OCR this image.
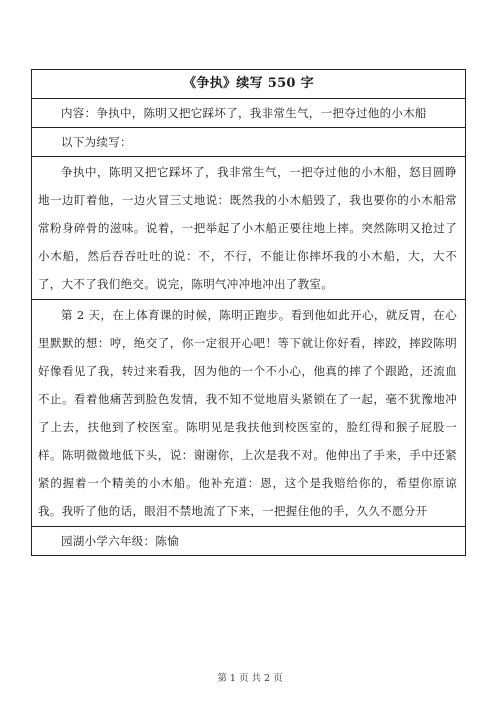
《争执》续写 550 字
内容：争执中，陈明又把它踩坏了，我非常生气，一把夺过他的小木船
以下为续写：
争执中，陈明又把它踩坏了，我非常生气，一把夺过他的小木船，怒目圆睁地一边盯着他，一边火冒三丈地说：既然我的小木船毁了，我也要你的小木船常常粉身碎骨的滋味。说着，一把举起了小木船正要往地上摔。突然陈明又抢过了小木船，然后吞吞吐吐的说：不，不行，不能让你摔坏我的小木船，大，大不了，大不了我们绝交。说完，陈明气冲冲地冲出了教室。
第 2 天，在上体育课的时候，陈明正跑步。看到他如此开心，就反胃，在心里默默的想：哼，绝交了，你一定很开心吧！等下就让你好看，摔跤，摔跤陈明好像看见了我，转过来看我，因为他的一个不小心，他真的摔了个跟跄，还流血不止。看着他痛苦到脸色发情，我不知不觉地眉头紧锁在了一起，毫不犹豫地冲了上去，扶他到了校医室。陈明见是我扶他到校医室的，脸红得和猴子屁股一样。陈明微微地低下头，说：谢谢你，上次是我不对。他伸出了手来，手中还紧紧的握着一个精美的小木船。他补充道：恩，这个是我赔给你的，希望你原谅我。我听了他的话，眼泪不禁地流了下来，一把握住他的手，久久不愿分开
园湖小学六年级：陈愉
第 1 页 共 2 页
